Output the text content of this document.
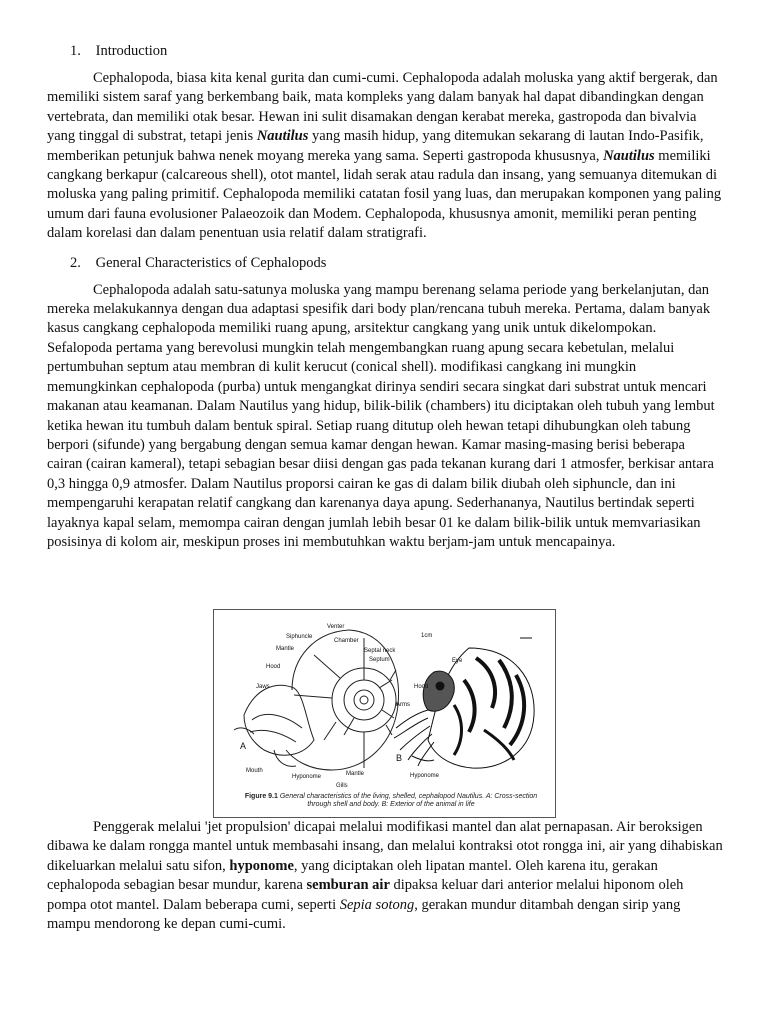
1. Introduction

Cephalopoda, biasa kita kenal gurita dan cumi-cumi. Cephalopoda adalah moluska yang aktif bergerak, dan memiliki sistem saraf yang berkembang baik, mata kompleks yang dalam banyak hal dapat dibandingkan dengan vertebrata, dan memiliki otak besar. Hewan ini sulit disamakan dengan kerabat mereka, gastropoda dan bivalvia yang tinggal di substrat, tetapi jenis Nautilus yang masih hidup, yang ditemukan sekarang di lautan Indo-Pasifik, memberikan petunjuk bahwa nenek moyang mereka yang sama. Seperti gastropoda khususnya, Nautilus memiliki cangkang berkapur (calcareous shell), otot mantel, lidah serak atau radula dan insang, yang semuanya ditemukan di moluska yang paling primitif. Cephalopoda memiliki catatan fosil yang luas, dan merupakan komponen yang paling umum dari fauna evolusioner Palaeozoik dan Modem. Cephalopoda, khususnya amonit, memiliki peran penting dalam korelasi dan dalam penentuan usia relatif dalam stratigrafi.

2. General Characteristics of Cephalopods

Cephalopoda adalah satu-satunya moluska yang mampu berenang selama periode yang berkelanjutan, dan mereka melakukannya dengan dua adaptasi spesifik dari body plan/rencana tubuh mereka. Pertama, dalam banyak kasus cangkang cephalopoda memiliki ruang apung, arsitektur cangkang yang unik untuk dikelompokan. Sefalopoda pertama yang berevolusi mungkin telah mengembangkan ruang apung secara kebetulan, melalui pertumbuhan septum atau membran di kulit kerucut (conical shell). modifikasi cangkang ini mungkin memungkinkan cephalopoda (purba) untuk mengangkat dirinya sendiri secara singkat dari substrat untuk mencari makanan atau keamanan. Dalam Nautilus yang hidup, bilik-bilik (chambers) itu diciptakan oleh tubuh yang lembut ketika hewan itu tumbuh dalam bentuk spiral. Setiap ruang ditutup oleh hewan tetapi dihubungkan oleh tabung berpori (sifunde) yang bergabung dengan semua kamar dengan hewan. Kamar masing-masing berisi beberapa cairan (cairan kameral), tetapi sebagian besar diisi dengan gas pada tekanan kurang dari 1 atmosfer, berkisar antara 0,3 hingga 0,9 atmosfer. Dalam Nautilus proporsi cairan ke gas di dalam bilik diubah oleh siphuncle, dan ini mempengaruhi kerapatan relatif cangkang dan karenanya daya apung. Sederhananya, Nautilus bertindak seperti layaknya kapal selam, memompa cairan dengan jumlah lebih besar 01 ke dalam bilik-bilik untuk memvariasikan posisinya di kolom air, meskipun proses ini membutuhkan waktu berjam-jam untuk mencapainya.

Venter
Siphuncle
Chamber
Mantle	Septal neck
Hood
Septum
Jaws
A
Mouth
Hyponome	Mantle
Gills
1cm
Eye
Hood
Arms
B
Hyponome
Figure 9.1 General characteristics of the living, shelled, cephalopod Nautilus. A: Cross-section through shell and body. B: Exterior of the animal in life

Penggerak melalui 'jet propulsion' dicapai melalui modifikasi mantel dan alat pernapasan. Air beroksigen dibawa ke dalam rongga mantel untuk membasahi insang, dan melalui kontraksi otot rongga ini, air yang dihabiskan dikeluarkan melalui satu sifon, hyponome, yang diciptakan oleh lipatan mantel. Oleh karena itu, gerakan cephalopoda sebagian besar mundur, karena semburan air dipaksa keluar dari anterior melalui hiponom oleh pompa otot mantel. Dalam beberapa cumi, seperti Sepia sotong, gerakan mundur ditambah dengan sirip yang mampu mendorong ke depan cumi-cumi.
